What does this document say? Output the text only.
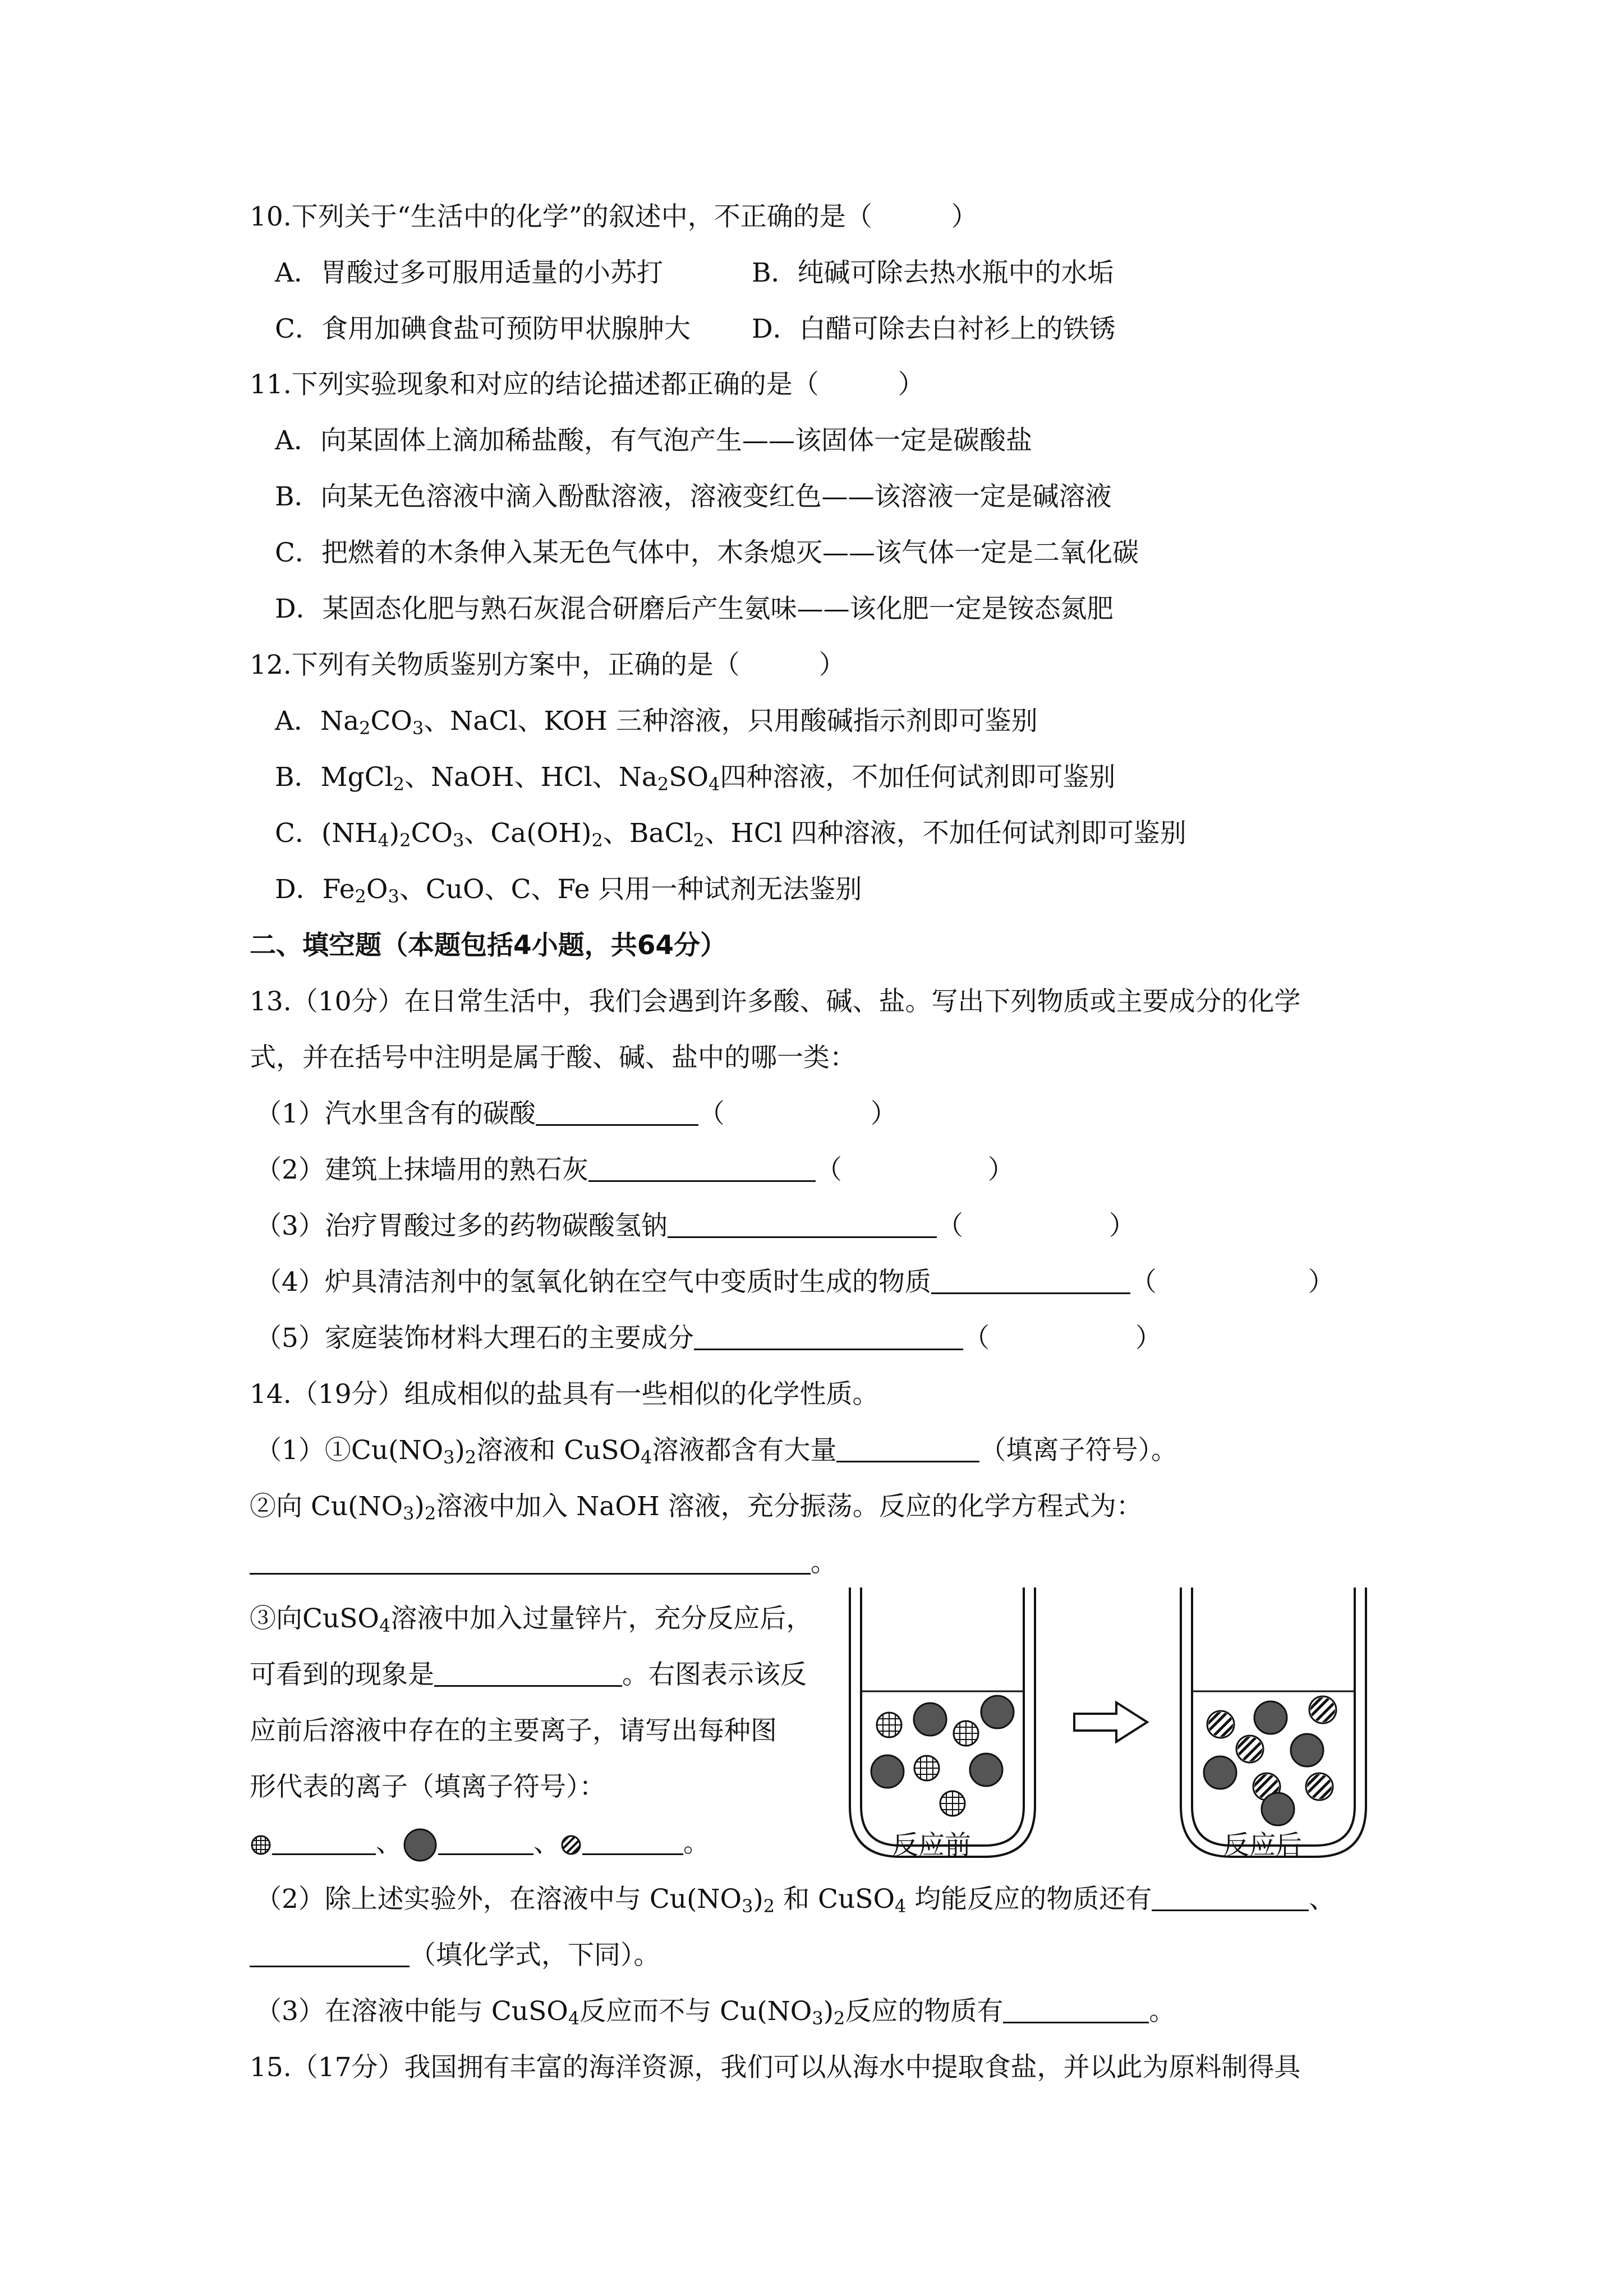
10.下列关于“生活中的化学”的叙述中，不正确的是（　　　）
A．胃酸过多可服用适量的小苏打	B．纯碱可除去热水瓶中的水垢
C．食用加碘食盐可预防甲状腺肿大 D．白醋可除去白衬衫上的铁锈
11.下列实验现象和对应的结论描述都正确的是（　　　）
A．向某固体上滴加稀盐酸，有气泡产生——该固体一定是碳酸盐
B．向某无色溶液中滴入酚酞溶液，溶液变红色——该溶液一定是碱溶液
C．把燃着的木条伸入某无色气体中，木条熄灭——该气体一定是二氧化碳
D．某固态化肥与熟石灰混合研磨后产生氨味——该化肥一定是铵态氮肥
12.下列有关物质鉴别方案中，正确的是（　　　）
A．$Na_2CO_3$、NaCl、KOH 三种溶液，只用酸碱指示剂即可鉴别
B．MgCl$_2$、NaOH、HCl、$Na_2SO_4$四种溶液，不加任何试剂即可鉴别
C．$(NH_4)_2CO_3$、$Ca(OH)_2$、BaCl$_2$、HCl 四种溶液，不加任何试剂即可鉴别
D．$Fe_2O_3$、CuO、C、Fe 只用一种试剂无法鉴别
二、填空题（本题包括4小题，共64分）
13.（10分）在日常生活中，我们会遇到许多酸、碱、盐。写出下列物质或主要成分的化学
式，并在括号中注明是属于酸、碱、盐中的哪一类：
（1）汽水里含有的碳酸	（	）
（2）建筑上抹墙用的熟石灰	（	）
（3）治疗胃酸过多的药物碳酸氢钠	（	）
（4）炉具清洁剂中的氢氧化钠在空气中变质时生成的物质	（	）
（5）家庭装饰材料大理石的主要成分	（	）
14.（19分）组成相似的盐具有一些相似的化学性质。
$(1)①Cu(NO_3)_2$溶液和 CuSO$_4$溶液都含有大量	（填离子符号）。
②向 $Cu(NO_3)_2$溶液中加入 NaOH 溶液，充分振荡。反应的化学方程式为：
。
③向CuSO$_4$溶液中加入过量锌片，充分反应后，
可看到的现象是	。右图表示该反
应前后溶液中存在的主要离子，请写出每种图
形代表的离子（填离子符号）：
、	、	。	反应前	反应后
（2）除上述实验外，在溶液中与 $Cu(NO_3)_2$ 和 CuSO$_4$ 均能反应的物质还有	、
（填化学式，下同）。
（3）在溶液中能与 CuSO$_4$反应而不与 $Cu(NO_3)_2$反应的物质有	。
15.（17分）我国拥有丰富的海洋资源，我们可以从海水中提取食盐，并以此为原料制得具
